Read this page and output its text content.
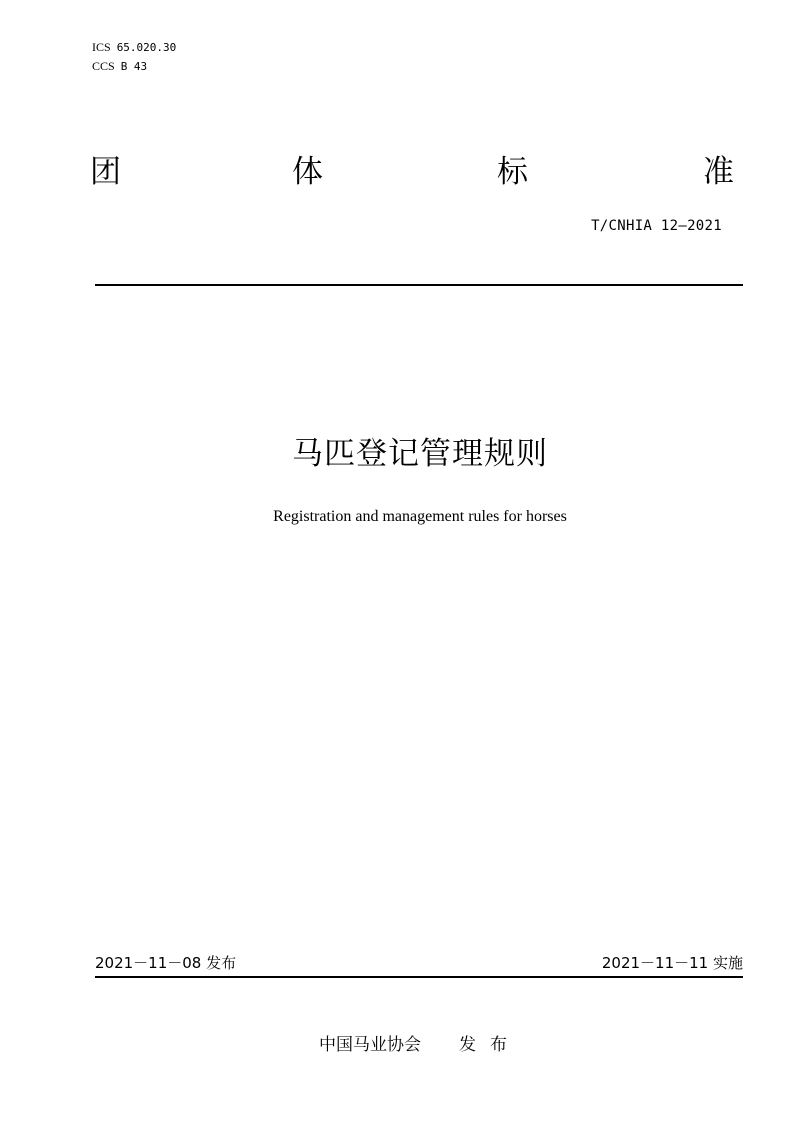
ICS 65.020.30
CCS B 43
团	体	标	准
T/CNHIA 12—2021
马匹登记管理规则
Registration and management rules for horses
2021－11－08 发布	2021－11－11 实施
中国马业协会 发布
